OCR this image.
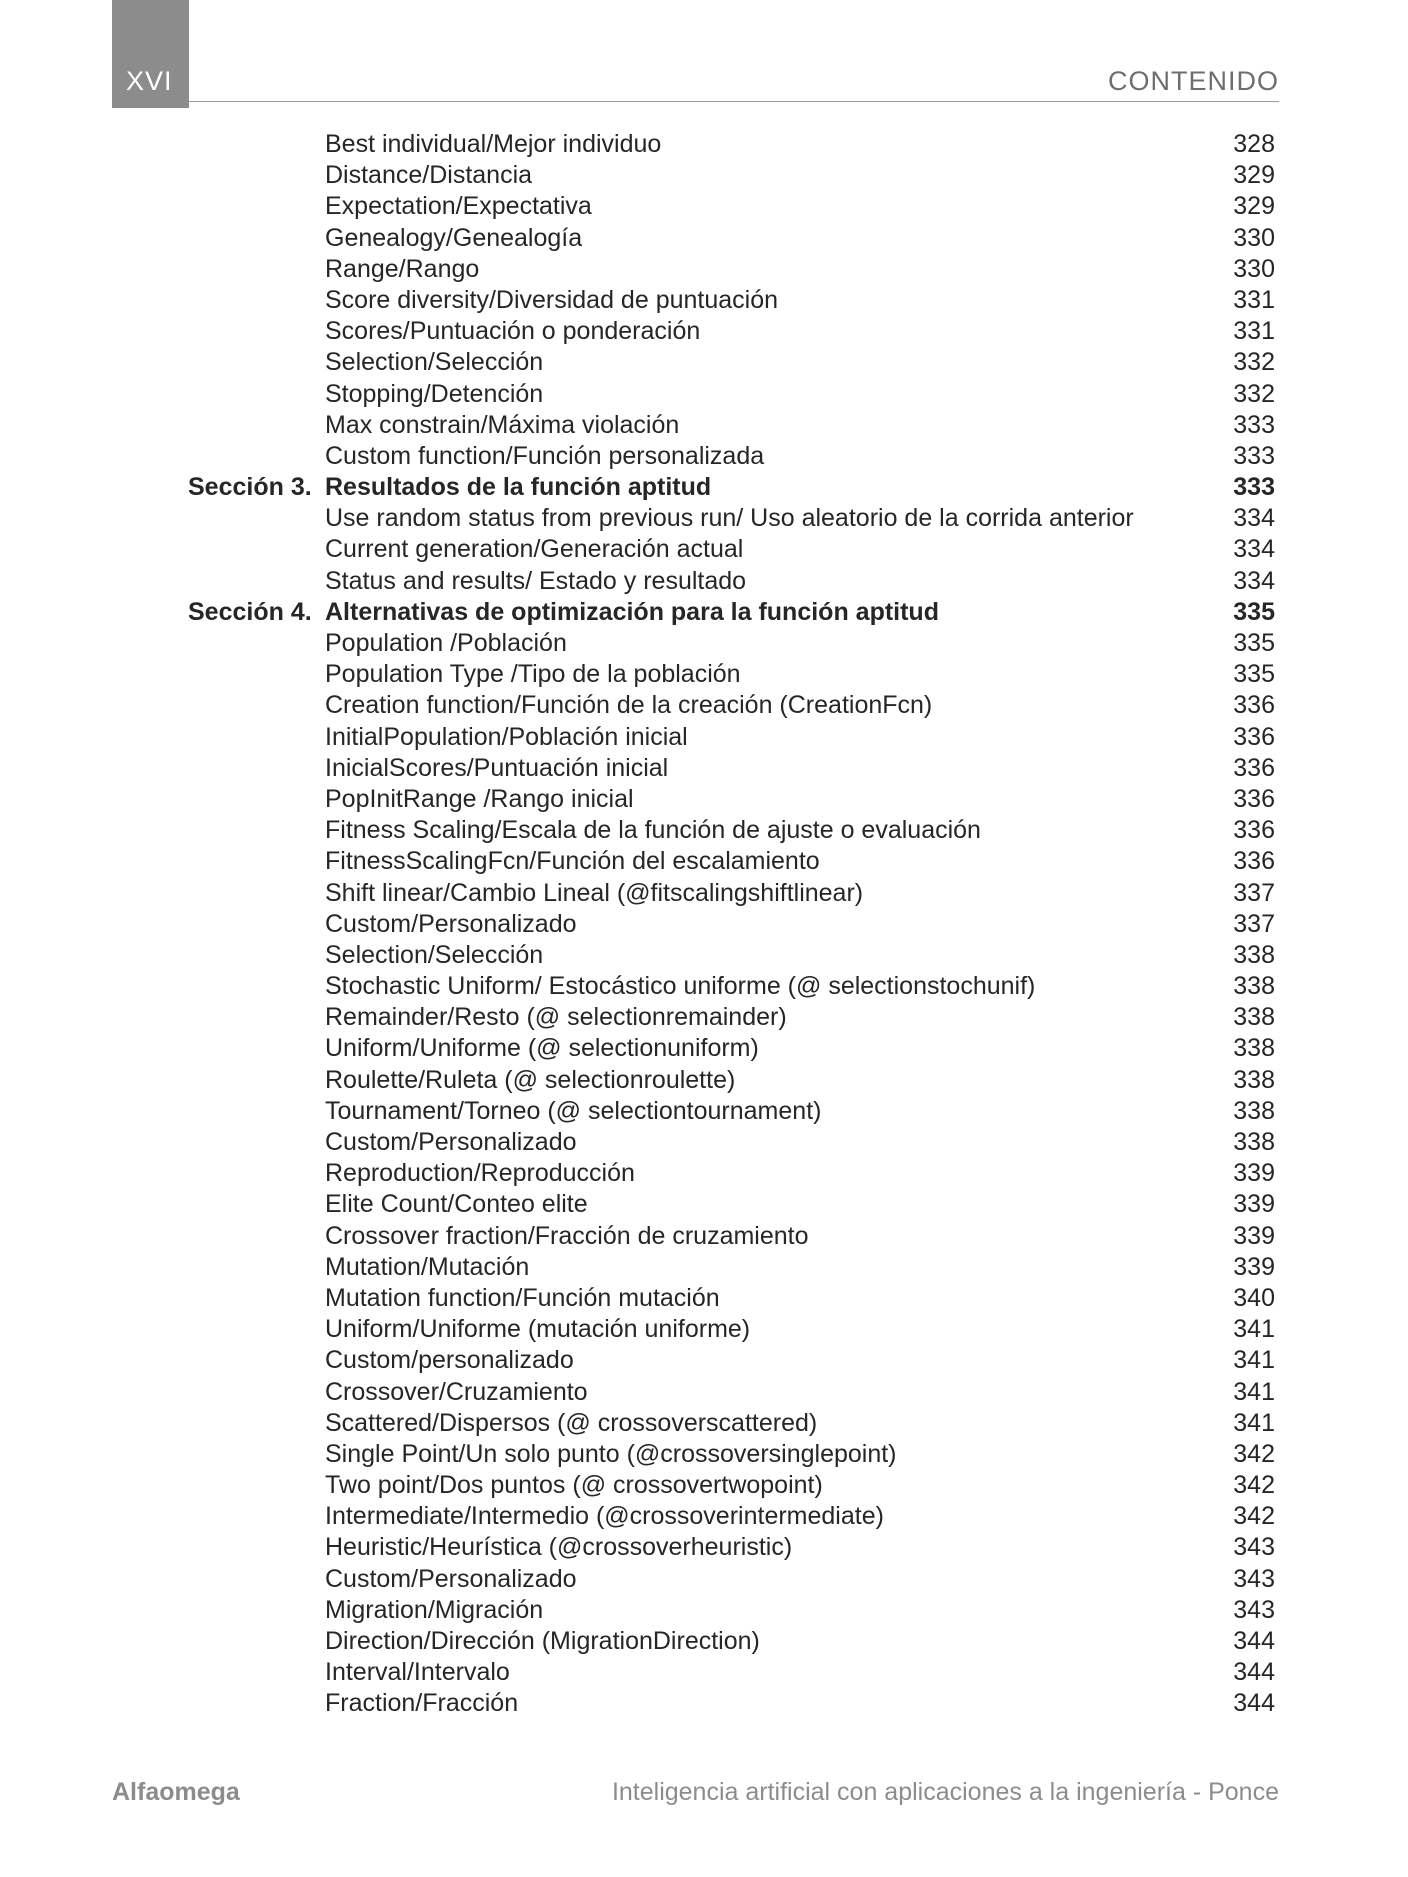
XVI	CONTENIDO
Best individual/Mejor individuo	328
Distance/Distancia	329
Expectation/Expectativa	329
Genealogy/Genealogía	330
Range/Rango	330
Score diversity/Diversidad de puntuación	331
Scores/Puntuación o ponderación	331
Selection/Selección	332
Stopping/Detención	332
Max constrain/Máxima violación	333
Custom function/Función personalizada	333
Sección 3. Resultados de la función aptitud	333
Use random status from previous run/ Uso aleatorio de la corrida anterior	334
Current generation/Generación actual	334
Status and results/ Estado y resultado	334
Sección 4. Alternativas de optimización para la función aptitud	335
Population /Población	335
Population Type /Tipo de la población	335
Creation function/Función de la creación (CreationFcn)	336
InitialPopulation/Población inicial	336
InicialScores/Puntuación inicial	336
PopInitRange /Rango inicial	336
Fitness Scaling/Escala de la función de ajuste o evaluación	336
FitnessScalingFcn/Función del escalamiento	336
Shift linear/Cambio Lineal (@fitscalingshiftlinear)	337
Custom/Personalizado	337
Selection/Selección	338
Stochastic Uniform/ Estocástico uniforme (@ selectionstochunif)	338
Remainder/Resto (@ selectionremainder)	338
Uniform/Uniforme (@ selectionuniform)	338
Roulette/Ruleta (@ selectionroulette)	338
Tournament/Torneo (@ selectiontournament)	338
Custom/Personalizado	338
Reproduction/Reproducción	339
Elite Count/Conteo elite	339
Crossover fraction/Fracción de cruzamiento	339
Mutation/Mutación	339
Mutation function/Función mutación	340
Uniform/Uniforme (mutación uniforme)	341
Custom/personalizado	341
Crossover/Cruzamiento	341
Scattered/Dispersos (@ crossoverscattered)	341
Single Point/Un solo punto (@crossoversinglepoint)	342
Two point/Dos puntos (@ crossovertwopoint)	342
Intermediate/Intermedio (@crossoverintermediate)	342
Heuristic/Heurística (@crossoverheuristic)	343
Custom/Personalizado	343
Migration/Migración	343
Direction/Dirección (MigrationDirection)	344
Interval/Intervalo	344
Fraction/Fracción	344
Alfaomega	Inteligencia artificial con aplicaciones a la ingeniería - Ponce
